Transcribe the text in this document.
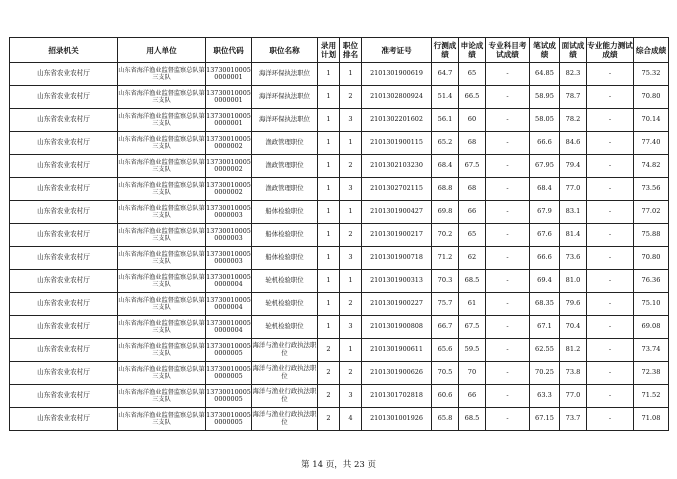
招录机关	用人单位	职位代码	职位名称	录用计划	职位排名	准考证号	行测成绩	申论成绩	专业科目考试成绩	笔试成绩	面试成绩	专业能力测试成绩	综合成绩
山东省农业农村厅	山东省海洋渔业监督监察总队第三支队	137300100050000001	海洋环保执法职位	1	1	2101301900619	64.7	65	-	64.85	82.3	-	75.32
山东省农业农村厅	山东省海洋渔业监督监察总队第三支队	137300100050000001	海洋环保执法职位	1	2	2101302800924	51.4	66.5	-	58.95	78.7	-	70.80
山东省农业农村厅	山东省海洋渔业监督监察总队第三支队	137300100050000001	海洋环保执法职位	1	3	2101302201602	56.1	60	-	58.05	78.2	-	70.14
山东省农业农村厅	山东省海洋渔业监督监察总队第三支队	137300100050000002	渔政管理职位	1	1	2101301900115	65.2	68	-	66.6	84.6	-	77.40
山东省农业农村厅	山东省海洋渔业监督监察总队第三支队	137300100050000002	渔政管理职位	1	2	2101302103230	68.4	67.5	-	67.95	79.4	-	74.82
山东省农业农村厅	山东省海洋渔业监督监察总队第三支队	137300100050000002	渔政管理职位	1	3	2101302702115	68.8	68	-	68.4	77.0	-	73.56
山东省农业农村厅	山东省海洋渔业监督监察总队第三支队	137300100050000003	船体检验职位	1	1	2101301900427	69.8	66	-	67.9	83.1	-	77.02
山东省农业农村厅	山东省海洋渔业监督监察总队第三支队	137300100050000003	船体检验职位	1	2	2101301900217	70.2	65	-	67.6	81.4	-	75.88
山东省农业农村厅	山东省海洋渔业监督监察总队第三支队	137300100050000003	船体检验职位	1	3	2101301900718	71.2	62	-	66.6	73.6	-	70.80
山东省农业农村厅	山东省海洋渔业监督监察总队第三支队	137300100050000004	轮机检验职位	1	1	2101301900313	70.3	68.5	-	69.4	81.0	-	76.36
山东省农业农村厅	山东省海洋渔业监督监察总队第三支队	137300100050000004	轮机检验职位	1	2	2101301900227	75.7	61	-	68.35	79.6	-	75.10
山东省农业农村厅	山东省海洋渔业监督监察总队第三支队	137300100050000004	轮机检验职位	1	3	2101301900808	66.7	67.5	-	67.1	70.4	-	69.08
山东省农业农村厅	山东省海洋渔业监督监察总队第三支队	137300100050000005	海洋与渔业行政执法职位	2	1	2101301900611	65.6	59.5	-	62.55	81.2	-	73.74
山东省农业农村厅	山东省海洋渔业监督监察总队第三支队	137300100050000005	海洋与渔业行政执法职位	2	2	2101301900626	70.5	70	-	70.25	73.8	-	72.38
山东省农业农村厅	山东省海洋渔业监督监察总队第三支队	137300100050000005	海洋与渔业行政执法职位	2	3	2101301702818	60.6	66	-	63.3	77.0	-	71.52
山东省农业农村厅	山东省海洋渔业监督监察总队第三支队	137300100050000005	海洋与渔业行政执法职位	2	4	2101301001926	65.8	68.5	-	67.15	73.7	-	71.08
第 14 页，共 23 页
